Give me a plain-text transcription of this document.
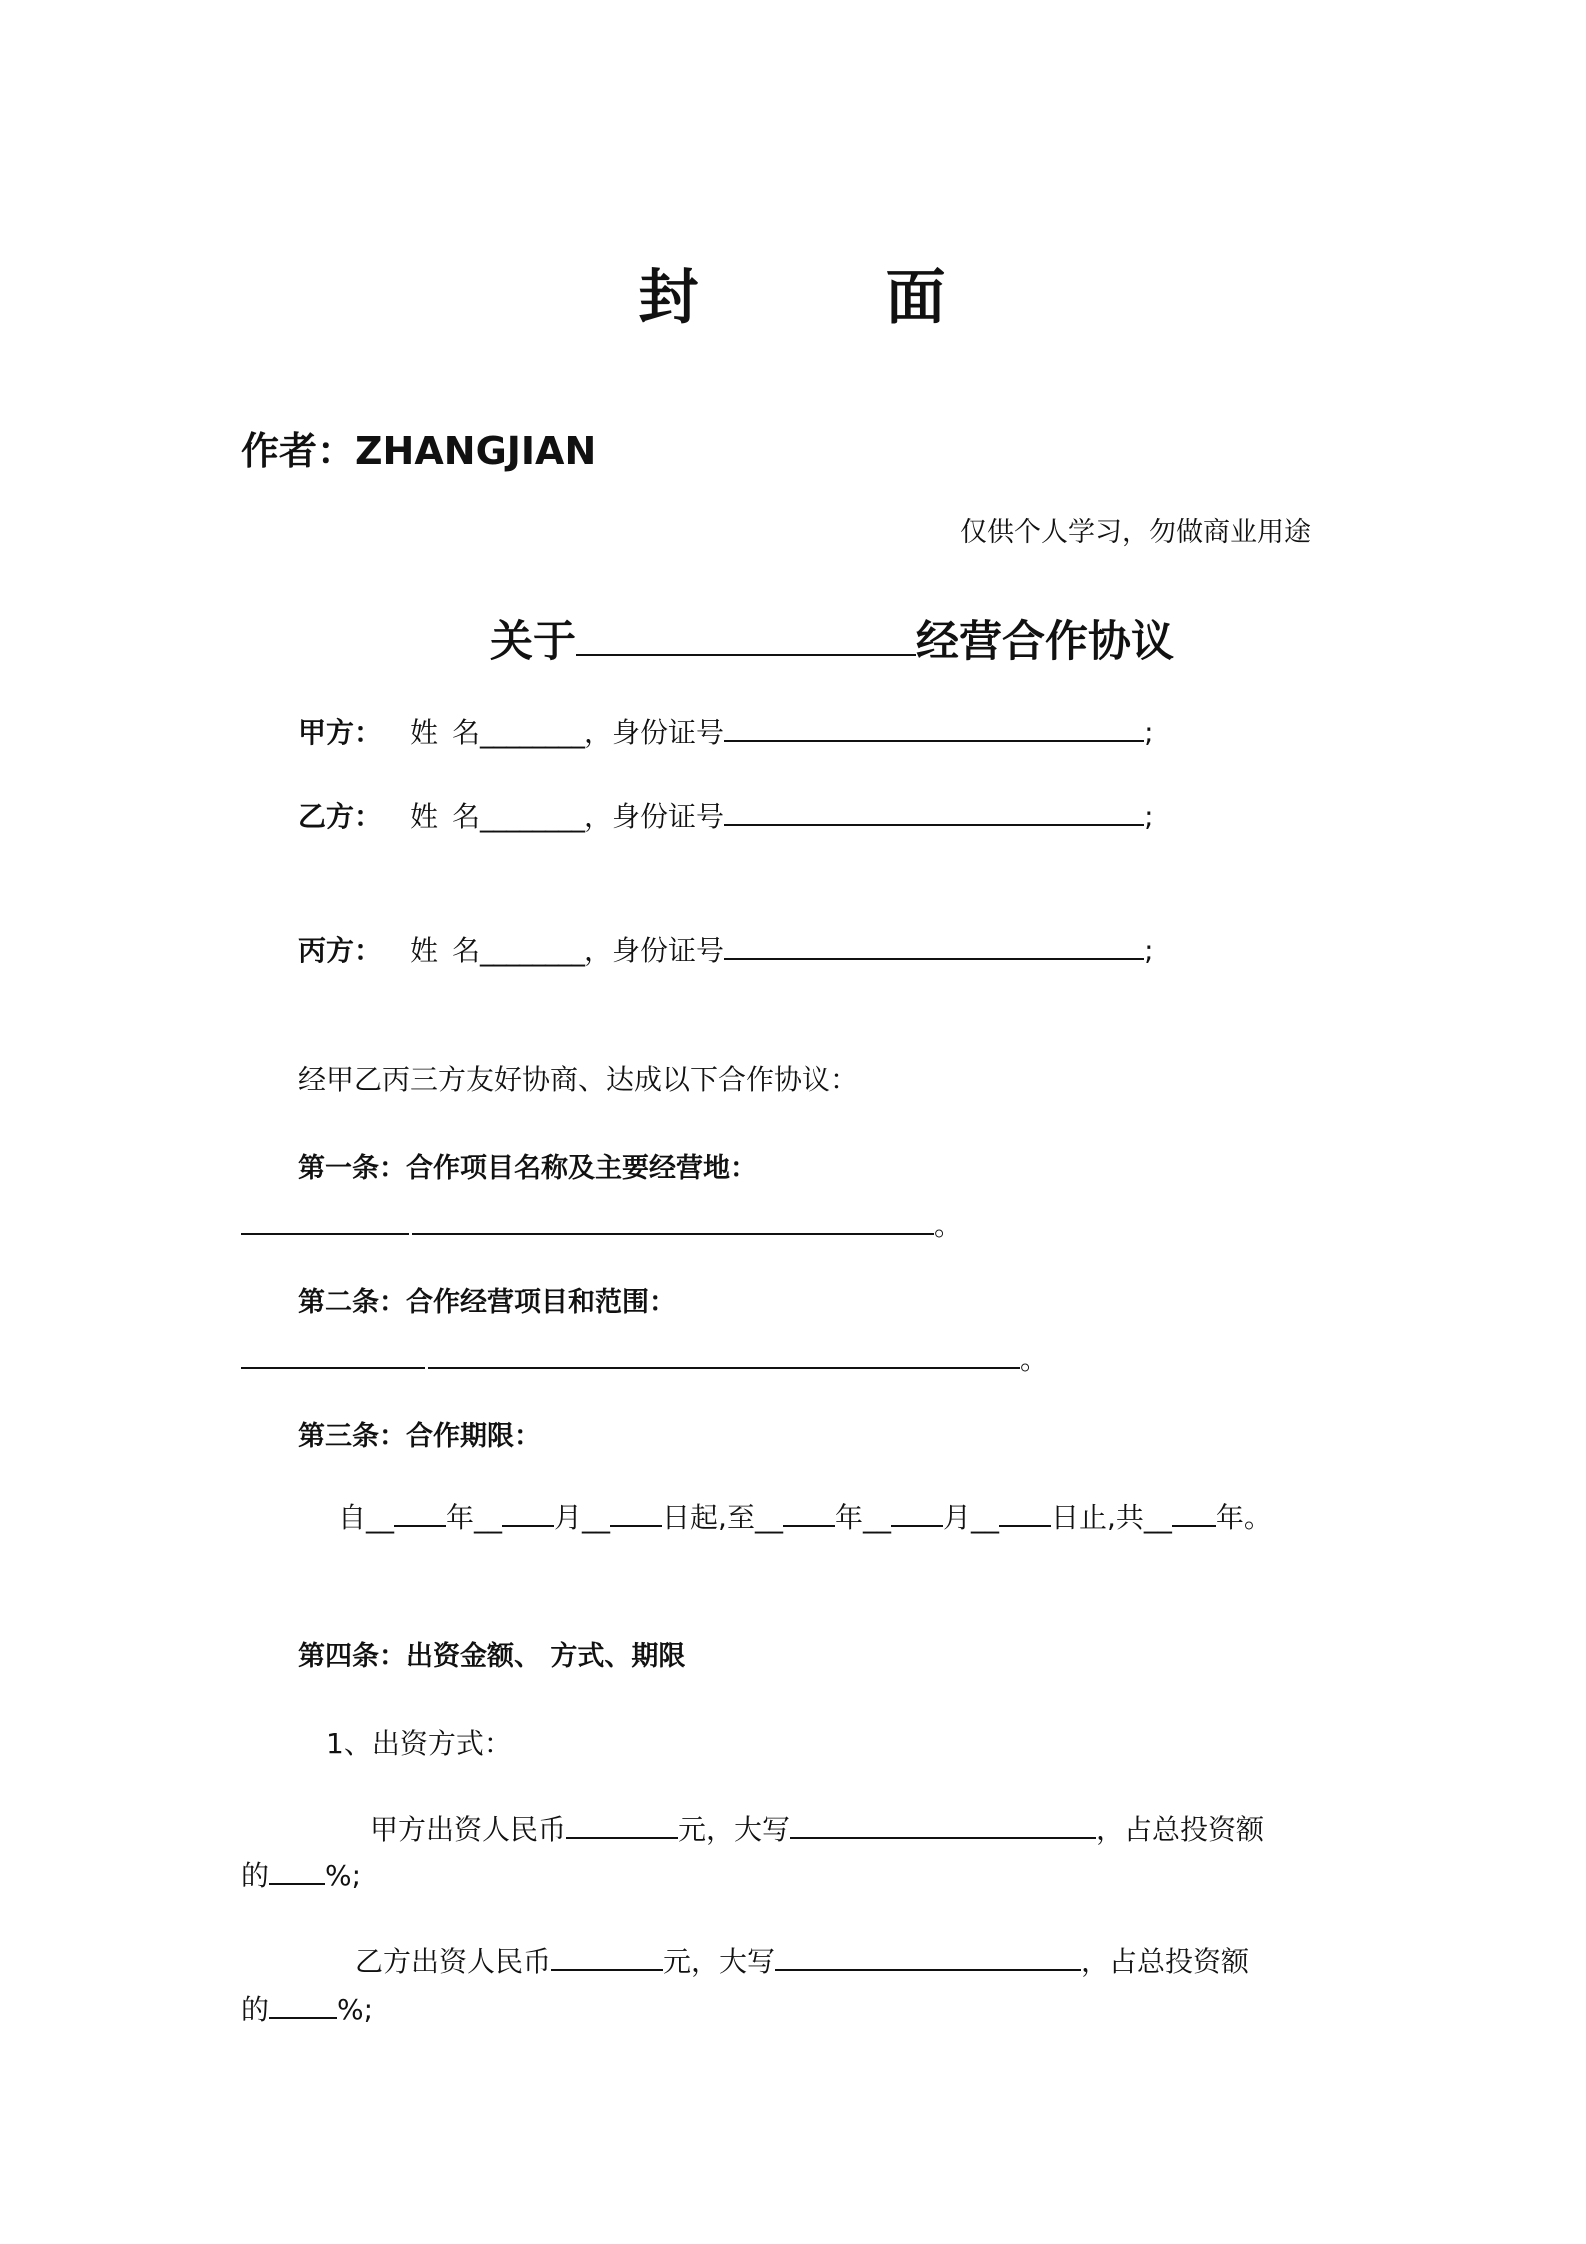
封	面
作者：ZHANGJIAN
仅供个人学习，勿做商业用途
关于	经营合作协议
甲方： 姓 名________，身份证号	;
乙方： 姓 名________，身份证号	;
丙方： 姓 名________，身份证号	;
经甲乙丙三方友好协商、达成以下合作协议：
第一条：合作项目名称及主要经营地：
。
第二条：合作经营项目和范围：
。
第三条：合作期限：
自__ 年__ 月__ 日起,至__ 年__ 月__ 日止,共__ 年。
第四条：出资金额、 方式、期限
1、出资方式：
甲方出资人民币	元，大写	，占总投资额
的 %;
乙方出资人民币	元，大写	，占总投资额
的 %;
